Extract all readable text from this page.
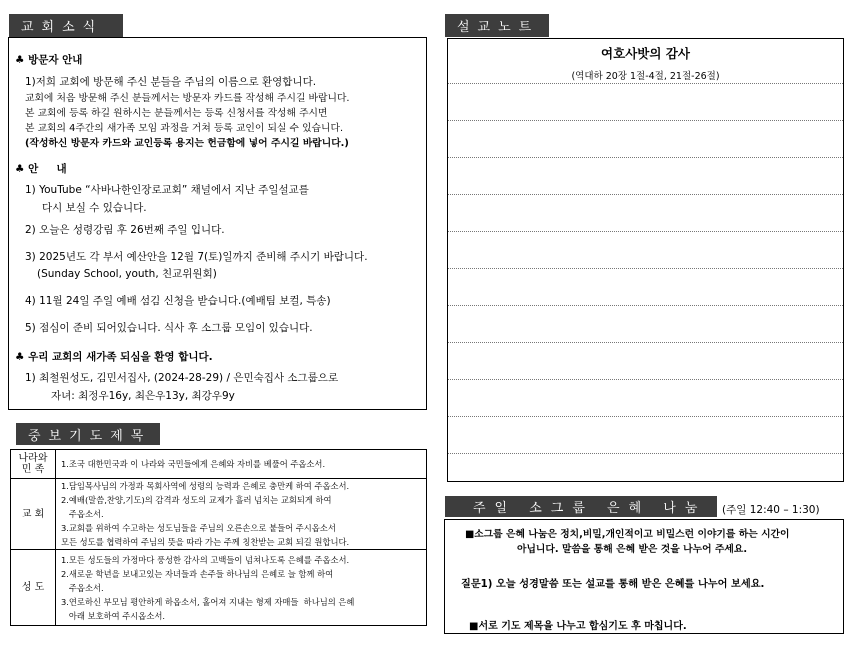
교회소식
♣ 방문자 안내
1)저희 교회에 방문해 주신 분들을 주님의 이름으로 환영합니다.
교회에 처음 방문해 주신 분들께서는 방문자 카드를 작성해 주시길 바랍니다.
본 교회에 등록 하길 원하시는 분들께서는 등록 신청서를 작성해 주시면
본 교회의 4주간의 새가족 모임 과정을 거쳐 등록 교인이 되실 수 있습니다.
(작성하신 방문자 카드와 교인등록 용지는 헌금함에 넣어 주시길 바랍니다.)
♣ 안     내
1) YouTube “사바나한인장로교회” 채널에서 지난 주일설교를
다시 보실 수 있습니다.
2) 오늘은 성령강림 후 26번째 주일 입니다.
3) 2025년도 각 부서 예산안을 12월 7(토)일까지 준비해 주시기 바랍니다.
(Sunday School, youth, 친교위원회)
4) 11월 24일 주일 예배 섬김 신청을 받습니다.(예배팀 보컬, 특송)
5) 점심이 준비 되어있습니다. 식사 후 소그룹 모임이 있습니다.
♣ 우리 교회의 새가족 되심을 환영 합니다.
1) 최철원성도, 김민서집사, (2024-28-29) / 은민숙집사 소그룹으로
자녀: 최정우16y, 최은우13y, 최강우9y
중보기도제목
나라와
민 족	1.조국 대한민국과 이 나라와 국민들에게 은혜와 자비를 베풀어 주옵소서.

교 회	1.담임목사님의 가정과 목회사역에 성령의 능력과 은혜로 충만케 하여 주옵소서.
2.예배(말씀,찬양,기도)의 감격과 성도의 교제가 흘러 넘치는 교회되게 하여
주옵소서.
3.교회를 위하여 수고하는 성도님들을 주님의 오른손으로 붙들어 주시옵소서
모든 성도를 협력하여 주님의 뜻을 따라 가는 주께 칭찬받는 교회 되길 원합니다.

성 도	1.모든 성도들의 가정마다 풍성한 감사의 고백들이 넘쳐나도록 은혜를 주옵소서.
2.새로운 학년을 보내고있는 자녀들과 손주들 하나님의 은혜로 늘 함께 하여
주옵소서.
3.연로하신 부모님 평안하게 하옵소서, 홀어져 지내는 형제 자매들  하나님의 은혜
아래 보호하여 주시옵소서.
설교노트
여호사밧의 감사
(역대하 20장 1절-4절, 21절-26절)
주일 소그룹 은혜 나눔	(주일 12:40 – 1:30)
■소그룹 은혜 나눔은 정치,비밀,개인적이고 비밀스런 이야기를 하는 시간이
아닙니다. 말씀을 통해 은혜 받은 것을 나누어 주세요.
질문1) 오늘 성경말씀 또는 설교를 통해 받은 은혜를 나누어 보세요.
■서로 기도 제목을 나누고 합심기도 후 마칩니다.
